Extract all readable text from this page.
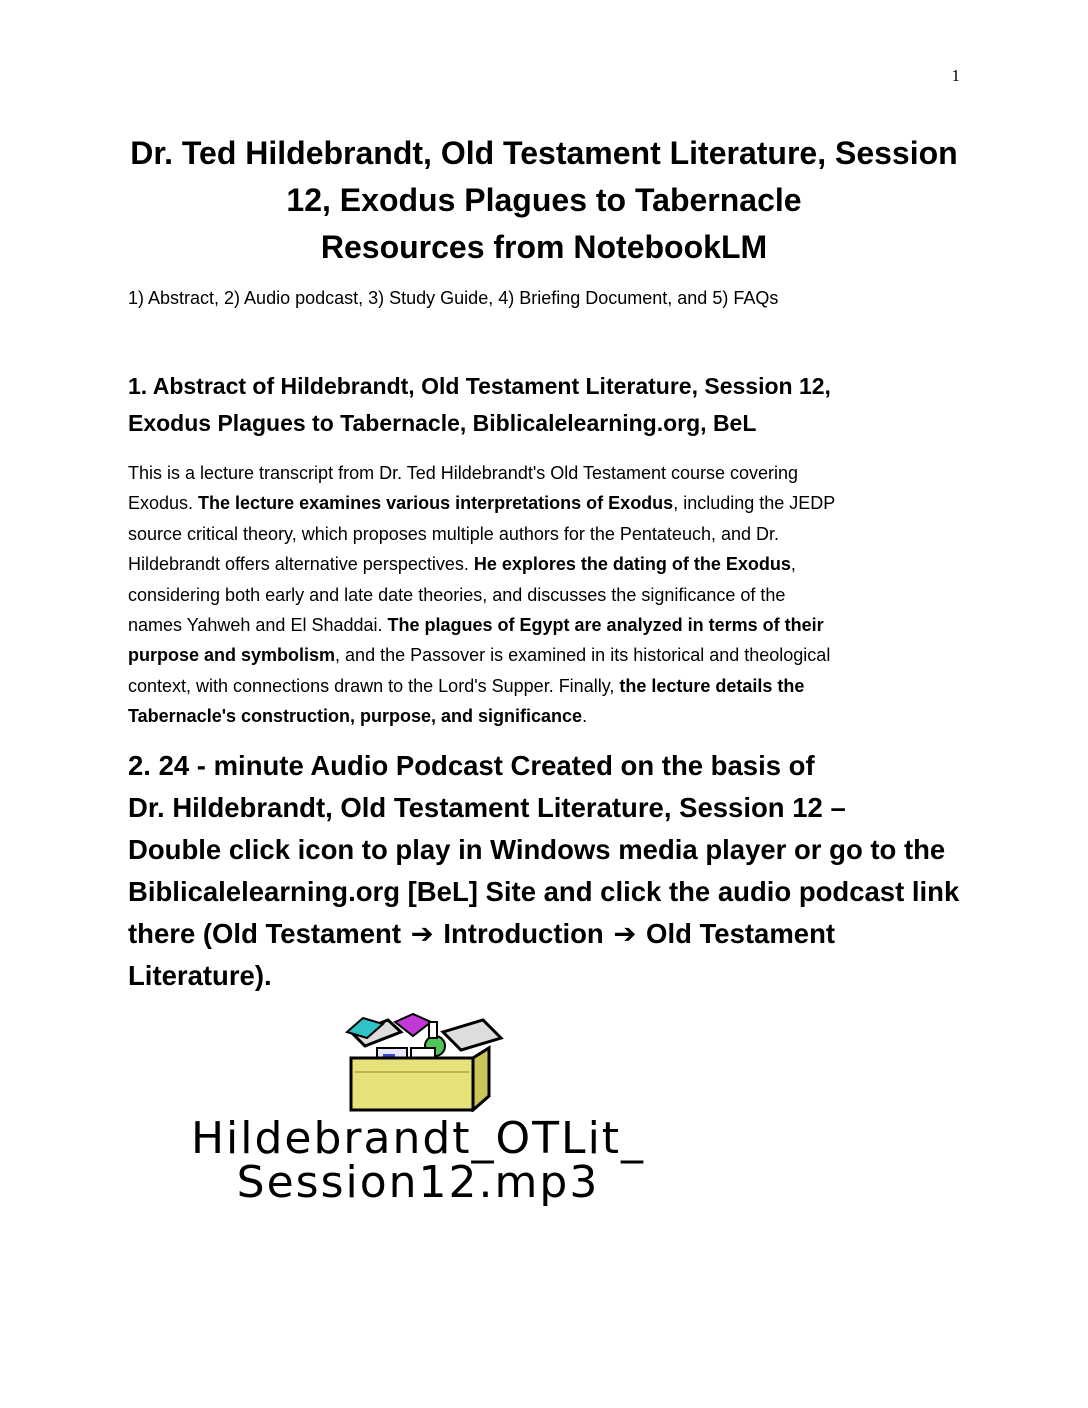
1
Dr. Ted Hildebrandt, Old Testament Literature, Session
12, Exodus Plagues to Tabernacle
Resources from NotebookLM
1) Abstract, 2) Audio podcast, 3) Study Guide, 4) Briefing Document, and 5) FAQs
1. Abstract of Hildebrandt, Old Testament Literature, Session 12,
Exodus Plagues to Tabernacle, Biblicalelearning.org, BeL
This is a lecture transcript from Dr. Ted Hildebrandt's Old Testament course covering
Exodus. The lecture examines various interpretations of Exodus, including the JEDP
source critical theory, which proposes multiple authors for the Pentateuch, and Dr.
Hildebrandt offers alternative perspectives. He explores the dating of the Exodus,
considering both early and late date theories, and discusses the significance of the
names Yahweh and El Shaddai. The plagues of Egypt are analyzed in terms of their
purpose and symbolism, and the Passover is examined in its historical and theological
context, with connections drawn to the Lord's Supper. Finally, the lecture details the
Tabernacle's construction, purpose, and significance.
2. 24 - minute Audio Podcast Created on the basis of
Dr. Hildebrandt, Old Testament Literature, Session 12 –
Double click icon to play in Windows media player or go to the
Biblicalelearning.org [BeL] Site and click the audio podcast link
there (Old Testament ➔ Introduction ➔ Old Testament
Literature).
Hildebrandt_OTLit_
Session12.mp3
